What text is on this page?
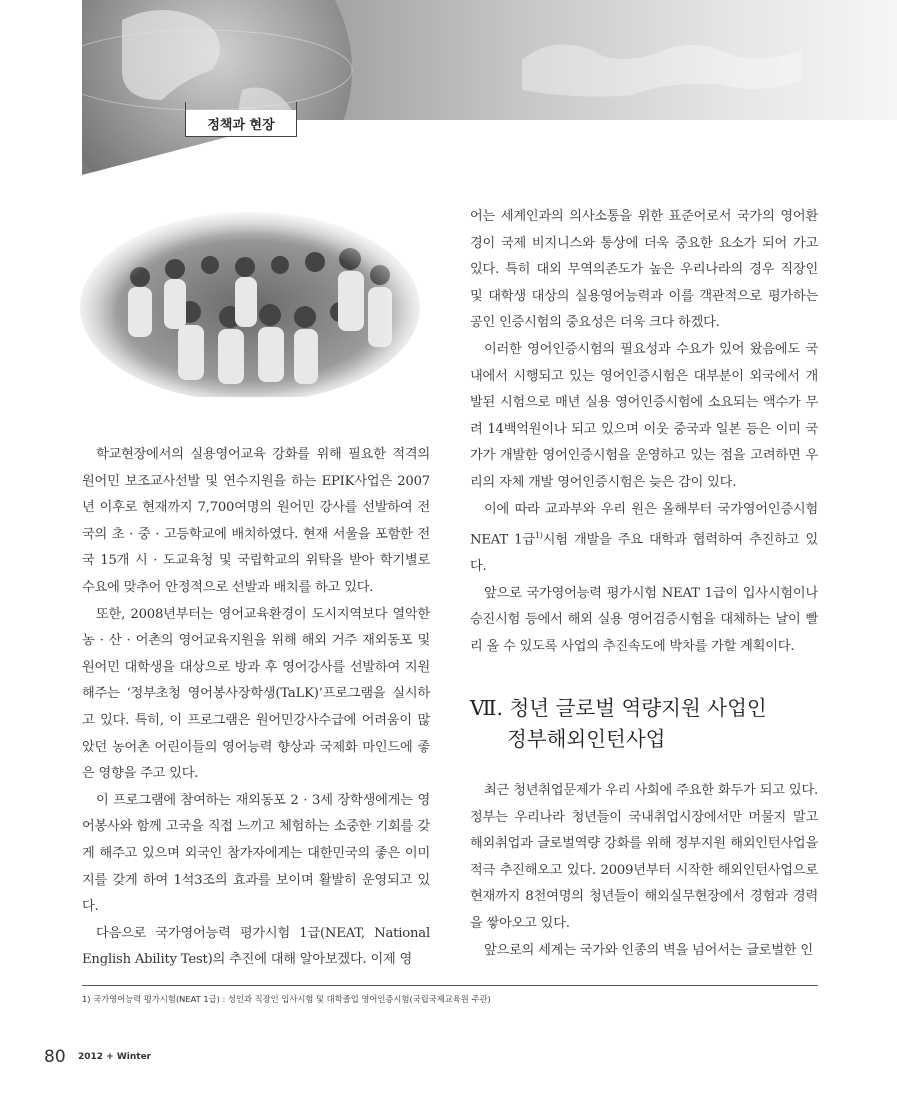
정책과 현장

학교현장에서의 실용영어교육 강화를 위해 필요한 적격의 원어민 보조교사선발 및 연수지원을 하는 EPIK사업은 2007년 이후로 현재까지 7,700여명의 원어민 강사를 선발하여 전국의 초 · 중 · 고등학교에 배치하였다. 현재 서울을 포함한 전국 15개 시 · 도교육청 및 국립학교의 위탁을 받아 학기별로 수요에 맞추어 안정적으로 선발과 배치를 하고 있다.

또한, 2008년부터는 영어교육환경이 도시지역보다 열악한 농 · 산 · 어촌의 영어교육지원을 위해 해외 거주 재외동포 및 원어민 대학생을 대상으로 방과 후 영어강사를 선발하여 지원해주는 ‘정부초청 영어봉사장학생(TaLK)’프로그램을 실시하고 있다. 특히, 이 프로그램은 원어민강사수급에 어려움이 많았던 농어촌 어린이들의 영어능력 향상과 국제화 마인드에 좋은 영향을 주고 있다.

이 프로그램에 참여하는 재외동포 2 · 3세 장학생에게는 영어봉사와 함께 고국을 직접 느끼고 체험하는 소중한 기회를 갖게 해주고 있으며 외국인 참가자에게는 대한민국의 좋은 이미지를 갖게 하여 1석3조의 효과를 보이며 활발히 운영되고 있다.

다음으로 국가영어능력 평가시험 1급(NEAT, National English Ability Test)의 추진에 대해 알아보겠다. 이제 영

어는 세계인과의 의사소통을 위한 표준어로서 국가의 영어환경이 국제 비지니스와 통상에 더욱 중요한 요소가 되어 가고 있다. 특히 대외 무역의존도가 높은 우리나라의 경우 직장인 및 대학생 대상의 실용영어능력과 이를 객관적으로 평가하는 공인 인증시험의 중요성은 더욱 크다 하겠다.

이러한 영어인증시험의 필요성과 수요가 있어 왔음에도 국내에서 시행되고 있는 영어인증시험은 대부분이 외국에서 개발된 시험으로 매년 실용 영어인증시험에 소요되는 액수가 무려 14백억원이나 되고 있으며 이웃 중국과 일본 등은 이미 국가가 개발한 영어인증시험을 운영하고 있는 점을 고려하면 우리의 자체 개발 영어인증시험은 늦은 감이 있다.

이에 따라 교과부와 우리 원은 올해부터 국가영어인증시험 NEAT 1급$^{1)}$시험 개발을 주요 대학과 협력하여 추진하고 있다.

앞으로 국가영어능력 평가시험 NEAT 1급이 입사시험이나 승진시험 등에서 해외 실용 영어검증시험을 대체하는 날이 빨리 올 수 있도록 사업의 추진속도에 박차를 가할 계획이다.

Ⅶ. 청년 글로벌 역량지원 사업인
정부해외인턴사업

최근 청년취업문제가 우리 사회에 주요한 화두가 되고 있다. 정부는 우리나라 청년들이 국내취업시장에서만 머물지 말고 해외취업과 글로벌역량 강화를 위해 정부지원 해외인턴사업을 적극 추진해오고 있다. 2009년부터 시작한 해외인턴사업으로 현재까지 8천여명의 청년들이 해외실무현장에서 경험과 경력을 쌓아오고 있다.

앞으로의 세계는 국가와 인종의 벽을 넘어서는 글로벌한 인

1) 국가영어능력 평가시험(NEAT 1급) : 성인과 직장인 입사시험 및 대학졸업 영어인증시험(국립국제교육원 주관)
80 2012 + Winter
